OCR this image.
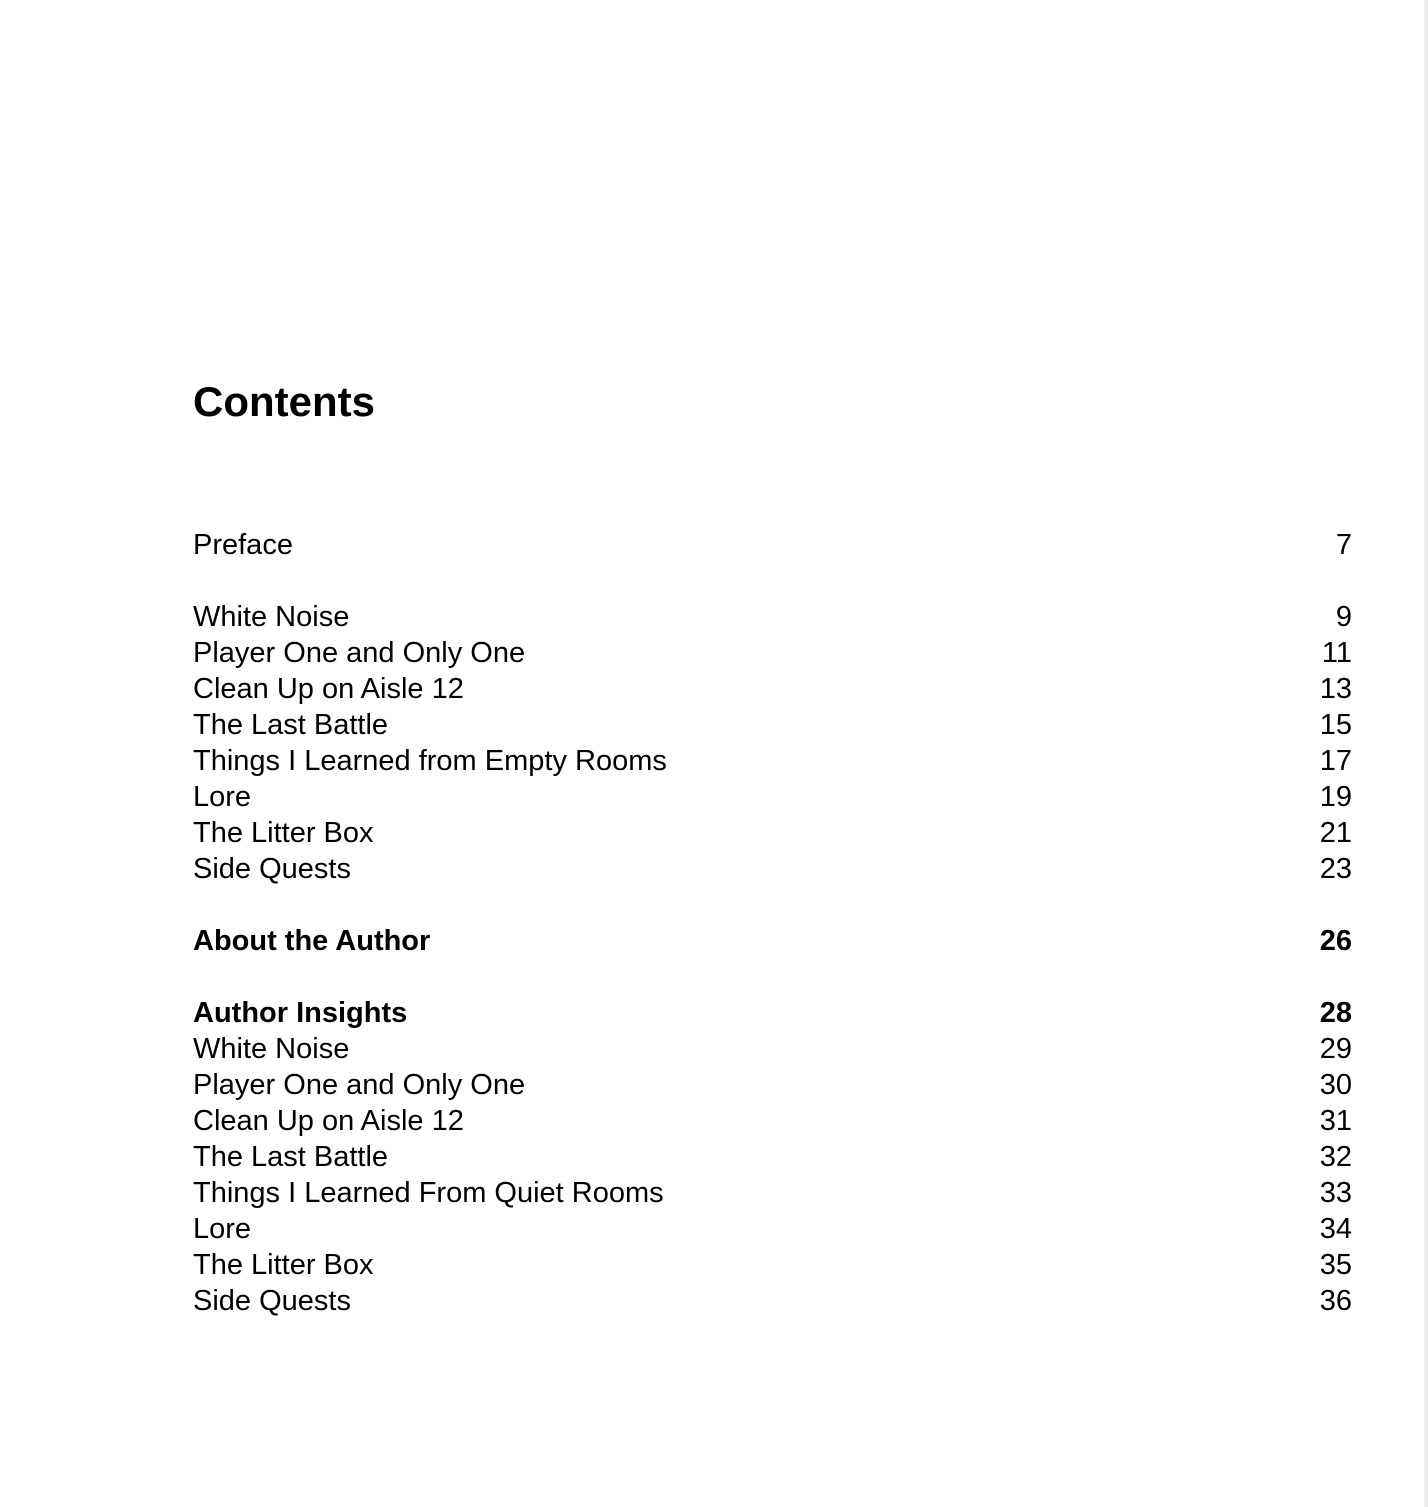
Contents
Preface	7
White Noise	9
Player One and Only One	11
Clean Up on Aisle 12	13
The Last Battle	15
Things I Learned from Empty Rooms	17
Lore	19
The Litter Box	21
Side Quests	23
About the Author	26
Author Insights	28
White Noise	29
Player One and Only One	30
Clean Up on Aisle 12	31
The Last Battle	32
Things I Learned From Quiet Rooms	33
Lore	34
The Litter Box	35
Side Quests	36
